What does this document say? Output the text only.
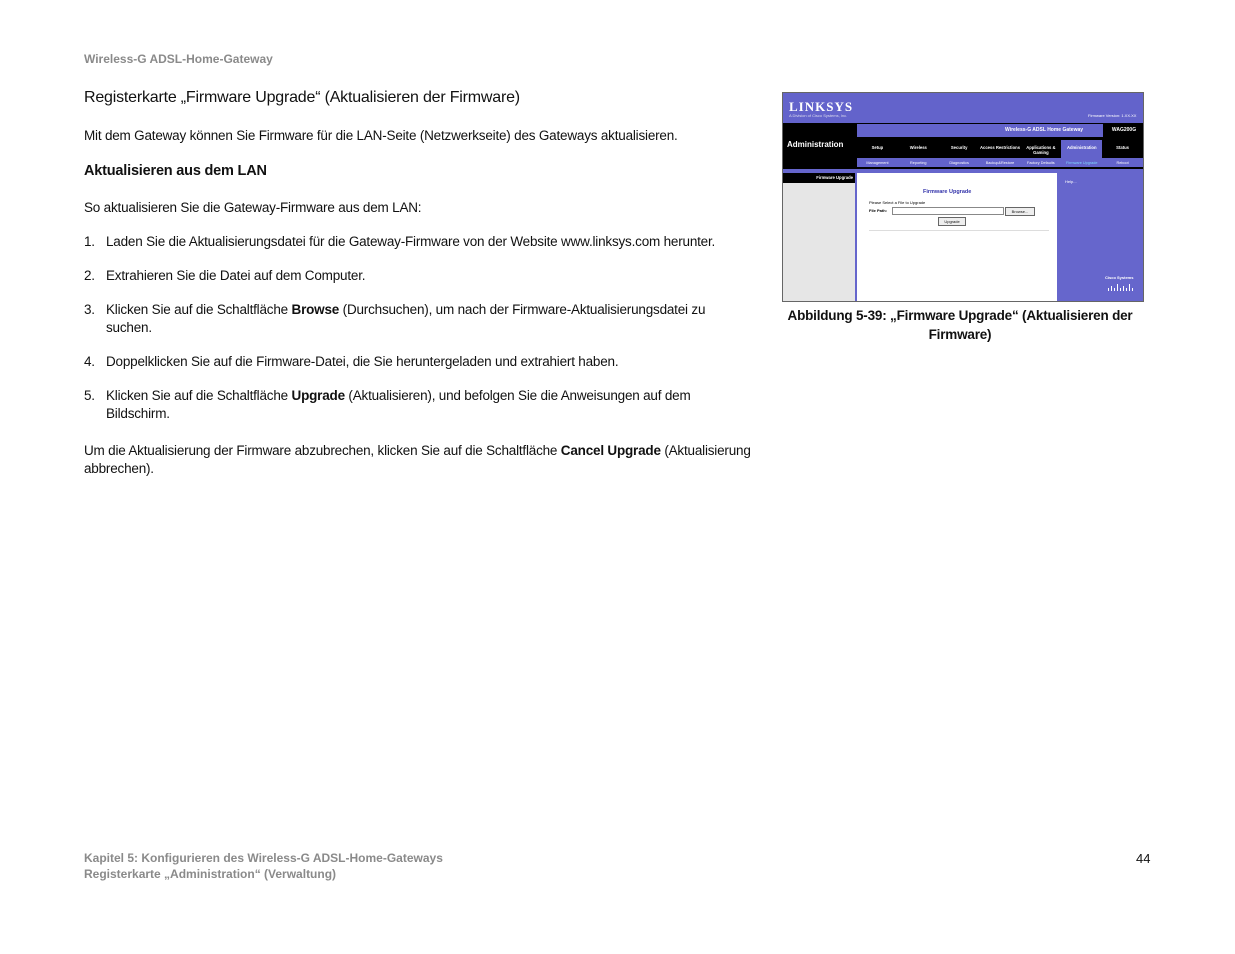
Wireless-G ADSL-Home-Gateway
Registerkarte „Firmware Upgrade“ (Aktualisieren der Firmware)
Mit dem Gateway können Sie Firmware für die LAN-Seite (Netzwerkseite) des Gateways aktualisieren.
Aktualisieren aus dem LAN
So aktualisieren Sie die Gateway-Firmware aus dem LAN:
1. Laden Sie die Aktualisierungsdatei für die Gateway-Firmware von der Website www.linksys.com herunter.
2. Extrahieren Sie die Datei auf dem Computer.
3. Klicken Sie auf die Schaltfläche Browse (Durchsuchen), um nach der Firmware-Aktualisierungsdatei zu suchen.
4. Doppelklicken Sie auf die Firmware-Datei, die Sie heruntergeladen und extrahiert haben.
5. Klicken Sie auf die Schaltfläche Upgrade (Aktualisieren), und befolgen Sie die Anweisungen auf dem Bildschirm.
Um die Aktualisierung der Firmware abzubrechen, klicken Sie auf die Schaltfläche Cancel Upgrade (Aktualisierung abbrechen).
LINKSYS
A Division of Cisco Systems, Inc.	Firmware Version: 1.XX.XX
Administration
Wireless-G ADSL Home Gateway	WAG200G
Setup	Wireless	Security	Access Restrictions	Applications & Gaming
Administration	Status
Management	Reporting	Diagnostics	Backup&Restore	Factory Defaults	Firmware Upgrade	Reboot
Firmware Upgrade
Firmware Upgrade
Please Select a File to Upgrade
File Path:	Browse...
Upgrade
Help...
Cisco Systems
Abbildung 5-39: „Firmware Upgrade“ (Aktualisieren der Firmware)
Kapitel 5: Konfigurieren des Wireless-G ADSL-Home-Gateways
Registerkarte „Administration“ (Verwaltung)
44
